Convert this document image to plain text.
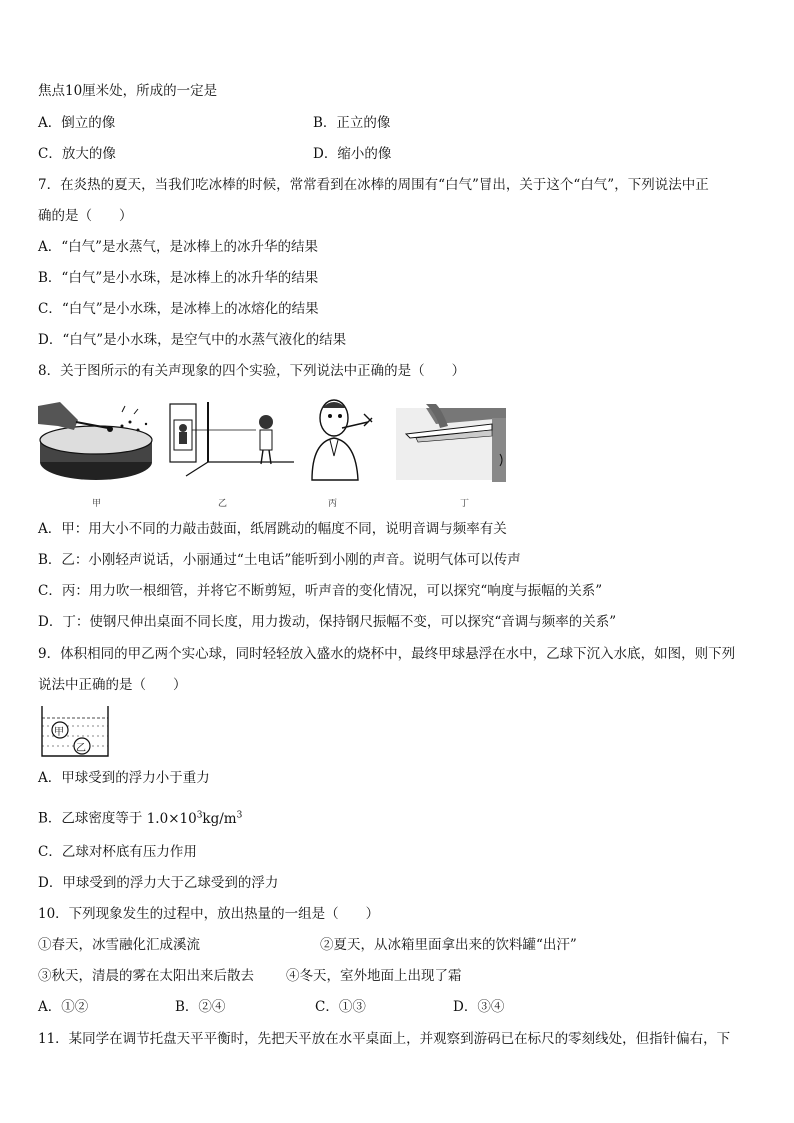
焦点10厘米处，所成的一定是
A．倒立的像	B．正立的像
C．放大的像	D．缩小的像
7．在炎热的夏天，当我们吃冰棒的时候，常常看到在冰棒的周围有“白气”冒出，关于这个“白气”，下列说法中正
确的是（　　）
A．“白气”是水蒸气，是冰棒上的冰升华的结果
B．“白气”是小水珠，是冰棒上的冰升华的结果
C．“白气”是小水珠，是冰棒上的冰熔化的结果
D．“白气”是小水珠，是空气中的水蒸气液化的结果
8．关于图所示的有关声现象的四个实验，下列说法中正确的是（　　）
甲	乙	丙	丁
A．甲：用大小不同的力敲击鼓面，纸屑跳动的幅度不同，说明音调与频率有关
B．乙：小刚轻声说话，小丽通过“土电话”能听到小刚的声音。说明气体可以传声
C．丙：用力吹一根细管，并将它不断剪短，听声音的变化情况，可以探究“响度与振幅的关系”
D．丁：使钢尺伸出桌面不同长度，用力拨动，保持钢尺振幅不变，可以探究“音调与频率的关系”
9．体积相同的甲乙两个实心球，同时轻轻放入盛水的烧杯中，最终甲球悬浮在水中，乙球下沉入水底，如图，则下列
说法中正确的是（　　）
甲
乙
A．甲球受到的浮力小于重力
B．乙球密度等于 $1.0\times 10^3kg/m^3$
C．乙球对杯底有压力作用
D．甲球受到的浮力大于乙球受到的浮力
10．下列现象发生的过程中，放出热量的一组是（　　）
①春天，冰雪融化汇成溪流	②夏天，从冰箱里面拿出来的饮料罐“出汗”
③秋天，清晨的雾在太阳出来后散去 ④冬天，室外地面上出现了霜
A．①②	B．②④	C．①③	D．③④
11．某同学在调节托盘天平平衡时，先把天平放在水平桌面上，并观察到游码已在标尺的零刻线处，但指针偏右，下
